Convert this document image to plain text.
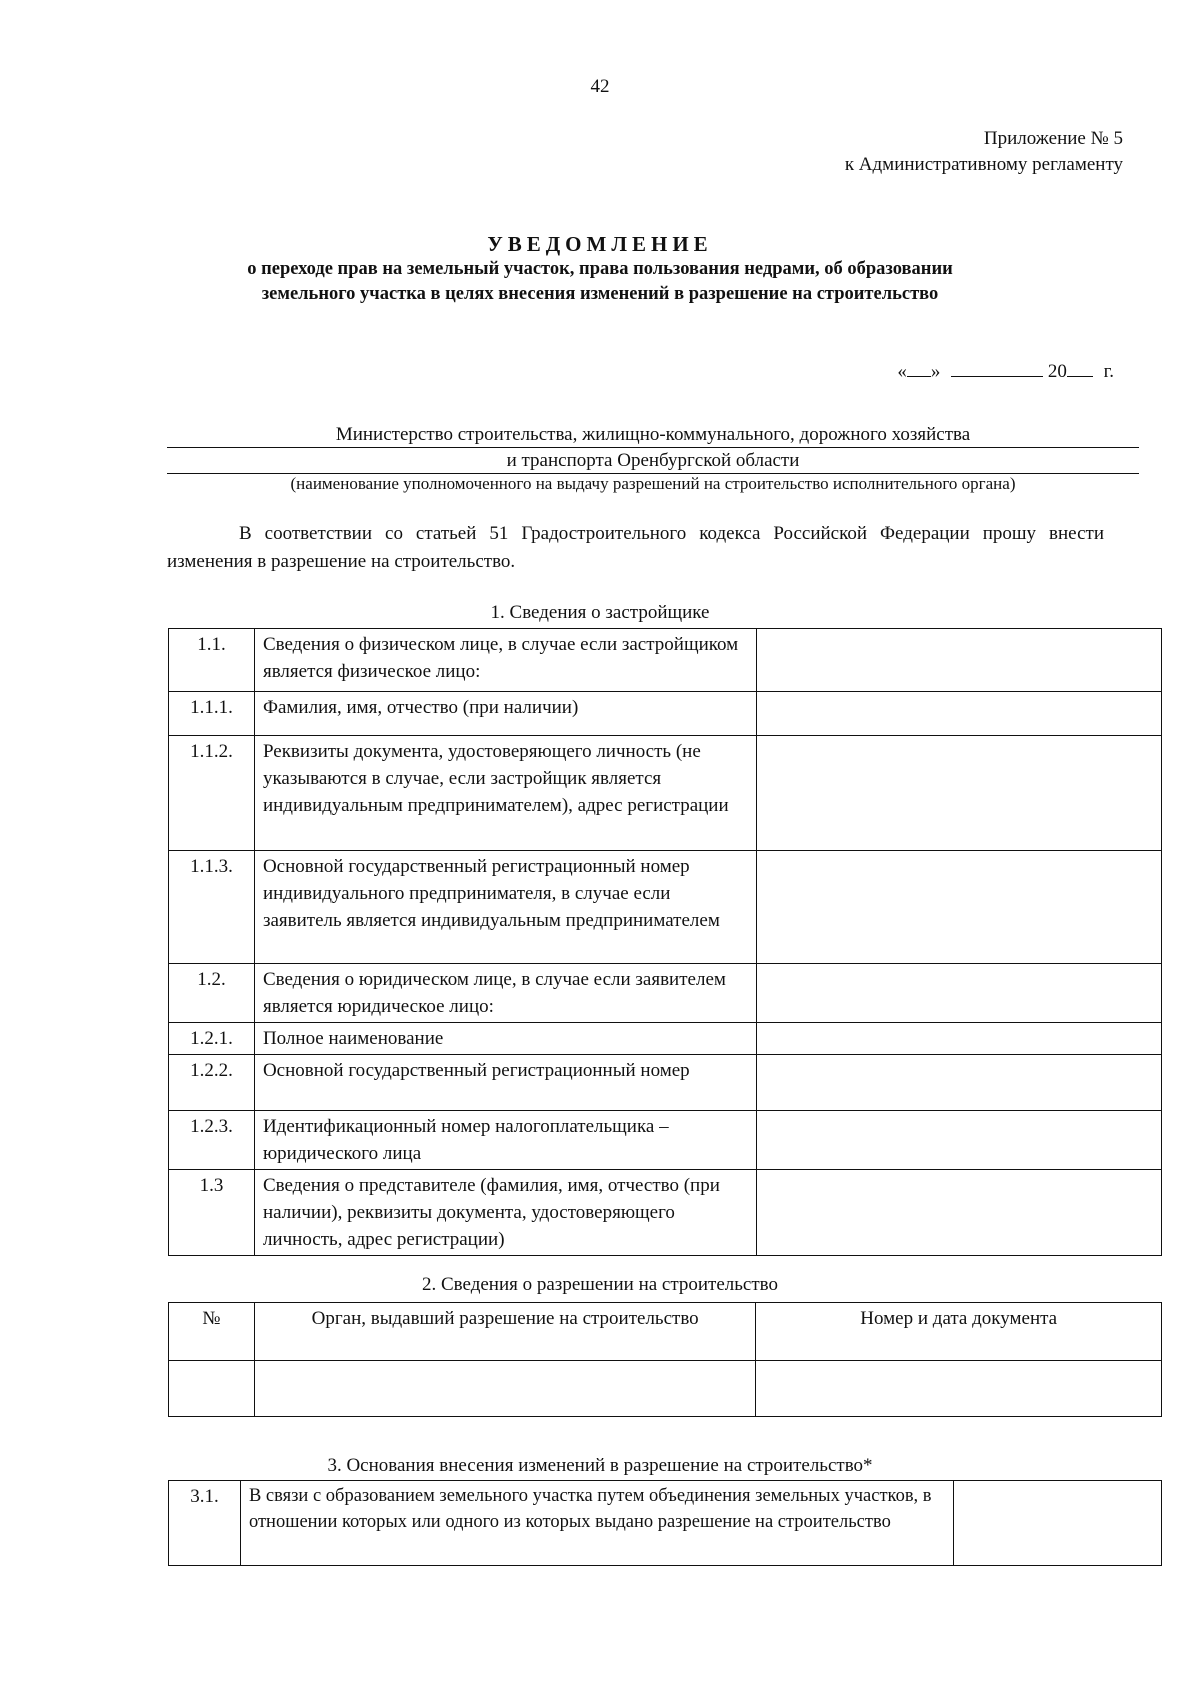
42
Приложение № 5
к Административному регламенту
УВЕДОМЛЕНИЕ
о переходе прав на земельный участок, права пользования недрами, об образовании
земельного участка в целях внесения изменений в разрешение на строительство
« »	20 г.
Министерство строительства, жилищно-коммунального, дорожного хозяйства
и транспорта Оренбургской области
(наименование уполномоченного на выдачу разрешений на строительство исполнительного органа)
В соответствии со статьей 51 Градостроительного кодекса Российской Федерации прошу внести изменения в разрешение на строительство.
1. Сведения о застройщике
1.1.	Сведения о физическом лице, в случае если застройщиком является физическое лицо:	
1.1.1.	Фамилия, имя, отчество (при наличии)	
1.1.2.	Реквизиты документа, удостоверяющего личность (не указываются в случае, если застройщик является индивидуальным предпринимателем), адрес регистрации	
1.1.3.	Основной государственный регистрационный номер индивидуального предпринимателя, в случае если заявитель является индивидуальным предпринимателем	
1.2.	Сведения о юридическом лице, в случае если заявителем является юридическое лицо:	
1.2.1.	Полное наименование	
1.2.2.	Основной государственный регистрационный номер	
1.2.3.	Идентификационный номер налогоплательщика – юридического лица	
1.3	Сведения о представителе (фамилия, имя, отчество (при наличии), реквизиты документа, удостоверяющего личность, адрес регистрации)	
2. Сведения о разрешении на строительство
№	Орган, выдавший разрешение на строительство	Номер и дата документа

3. Основания внесения изменений в разрешение на строительство*
3.1.	В связи с образованием земельного участка путем объединения земельных участков, в отношении которых или одного из которых выдано разрешение на строительство	
